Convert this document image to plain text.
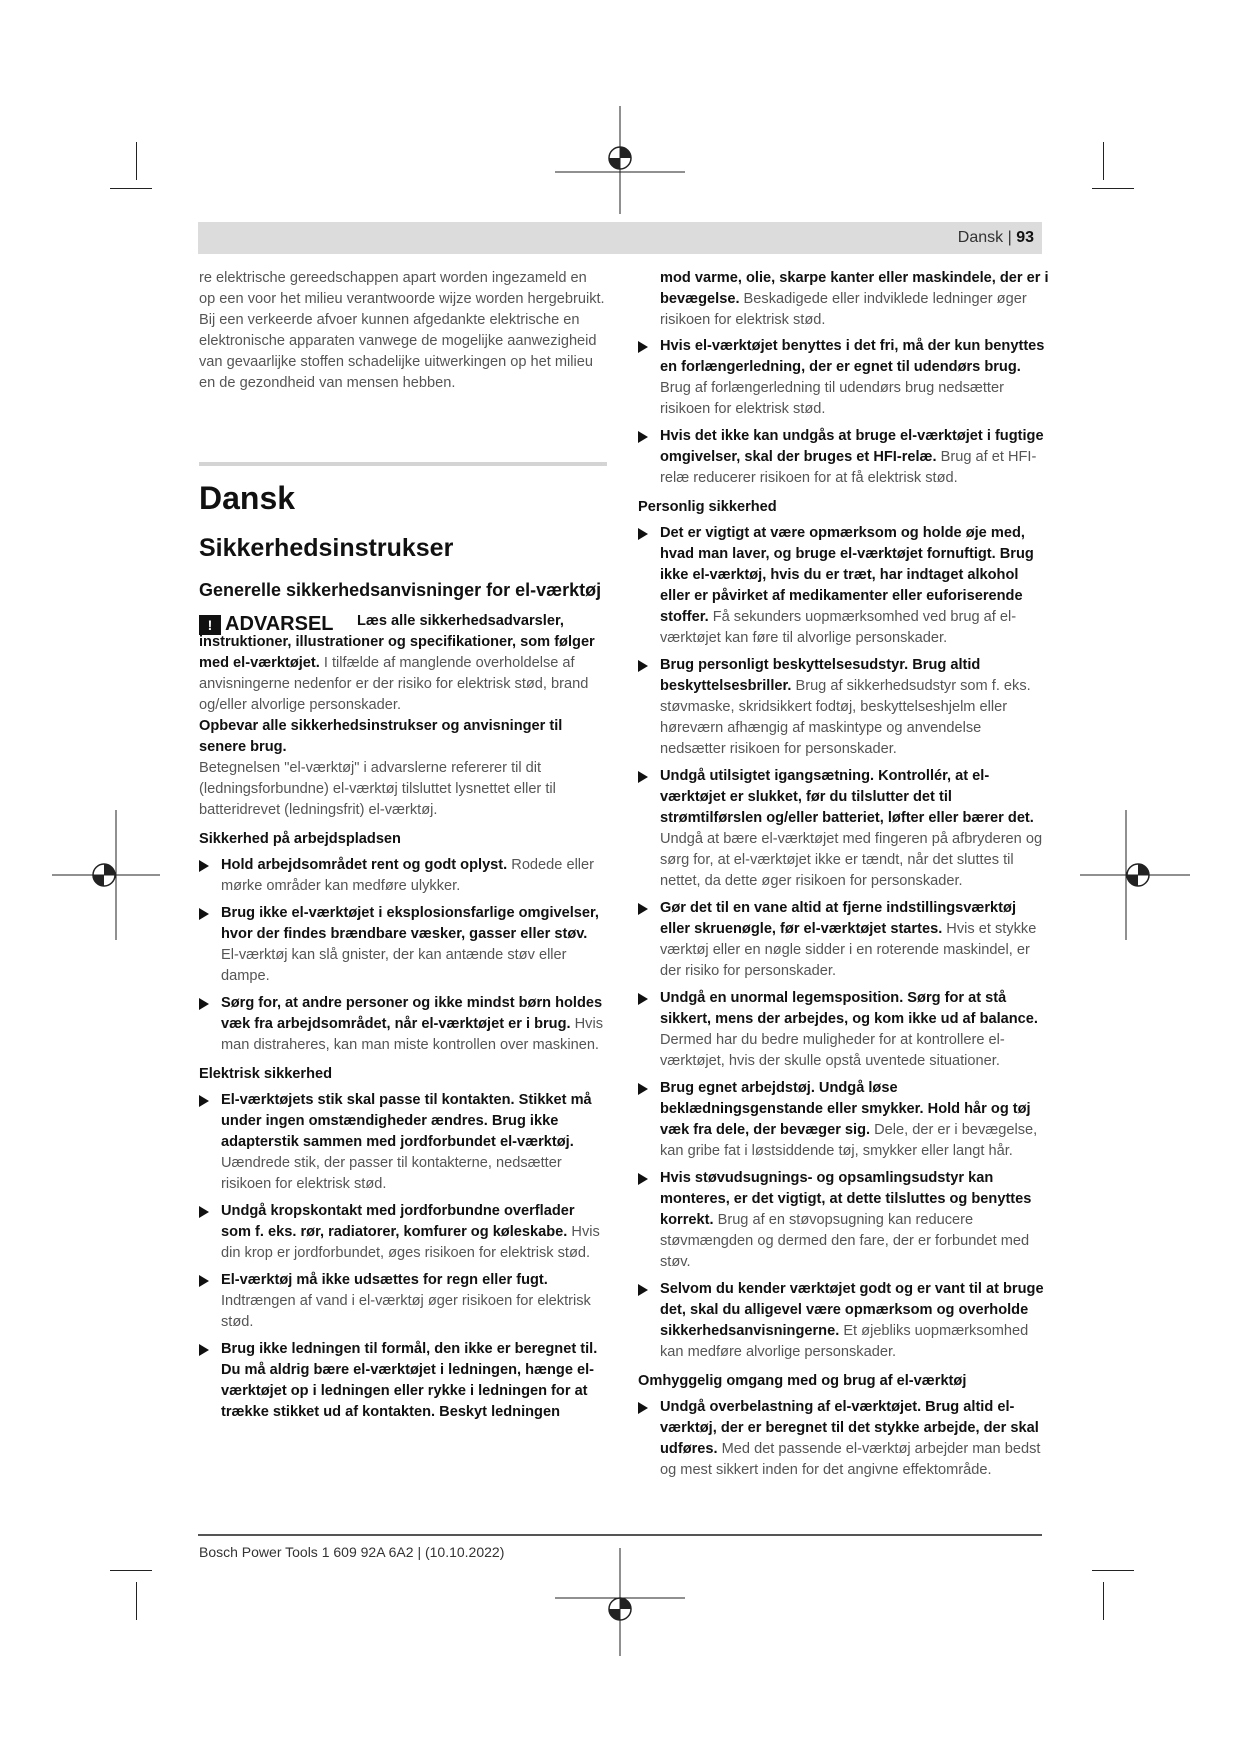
Dansk | 93

re elektrische gereedschappen apart worden ingezameld en op een voor het milieu verantwoorde wijze worden hergebruikt.

Bij een verkeerde afvoer kunnen afgedankte elektrische en elektronische apparaten vanwege de mogelijke aanwezigheid van gevaarlijke stoffen schadelijke uitwerkingen op het milieu en de gezondheid van mensen hebben.

Dansk
Sikkerhedsinstrukser
Generelle sikkerhedsanvisninger for el-værktøj
! ADVARSEL	Læs alle sikkerhedsadvarsler, instruktioner, illustrationer og specifikationer, som følger med el-værktøjet. I tilfælde af manglende overholdelse af anvisningerne nedenfor er der risiko for elektrisk stød, brand og/eller alvorlige personskader.

Opbevar alle sikkerhedsinstrukser og anvisninger til senere brug.

Betegnelsen "el-værktøj" i advarslerne refererer til dit (ledningsforbundne) el-værktøj tilsluttet lysnettet eller til batteridrevet (ledningsfrit) el-værktøj.

Sikkerhed på arbejdspladsen
Hold arbejdsområdet rent og godt oplyst. Rodede eller mørke områder kan medføre ulykker.
Brug ikke el-værktøjet i eksplosionsfarlige omgivelser, hvor der findes brændbare væsker, gasser eller støv. El-værktøj kan slå gnister, der kan antænde støv eller dampe.
Sørg for, at andre personer og ikke mindst børn holdes væk fra arbejdsområdet, når el-værktøjet er i brug. Hvis man distraheres, kan man miste kontrollen over maskinen.
Elektrisk sikkerhed
El-værktøjets stik skal passe til kontakten. Stikket må under ingen omstændigheder ændres. Brug ikke adapterstik sammen med jordforbundet el-værktøj. Uændrede stik, der passer til kontakterne, nedsætter risikoen for elektrisk stød.
Undgå kropskontakt med jordforbundne overflader som f. eks. rør, radiatorer, komfurer og køleskabe. Hvis din krop er jordforbundet, øges risikoen for elektrisk stød.
El-værktøj må ikke udsættes for regn eller fugt. Indtrængen af vand i el-værktøj øger risikoen for elektrisk stød.
Brug ikke ledningen til formål, den ikke er beregnet til. Du må aldrig bære el-værktøjet i ledningen, hænge el-værktøjet op i ledningen eller rykke i ledningen for at trække stikket ud af kontakten. Beskyt ledningen

mod varme, olie, skarpe kanter eller maskindele, der er i bevægelse. Beskadigede eller indviklede ledninger øger risikoen for elektrisk stød.

Hvis el-værktøjet benyttes i det fri, må der kun benyttes en forlængerledning, der er egnet til udendørs brug. Brug af forlængerledning til udendørs brug nedsætter risikoen for elektrisk stød.
Hvis det ikke kan undgås at bruge el-værktøjet i fugtige omgivelser, skal der bruges et HFI-relæ. Brug af et HFI-relæ reducerer risikoen for at få elektrisk stød.
Personlig sikkerhed
Det er vigtigt at være opmærksom og holde øje med, hvad man laver, og bruge el-værktøjet fornuftigt. Brug ikke el-værktøj, hvis du er træt, har indtaget alkohol eller er påvirket af medikamenter eller euforiserende stoffer. Få sekunders uopmærksomhed ved brug af el-værktøjet kan føre til alvorlige personskader.
Brug personligt beskyttelsesudstyr. Brug altid beskyttelsesbriller. Brug af sikkerhedsudstyr som f. eks. støvmaske, skridsikkert fodtøj, beskyttelseshjelm eller høreværn afhængig af maskintype og anvendelse nedsætter risikoen for personskader.
Undgå utilsigtet igangsætning. Kontrollér, at el-værktøjet er slukket, før du tilslutter det til strømtilførslen og/eller batteriet, løfter eller bærer det. Undgå at bære el-værktøjet med fingeren på afbryderen og sørg for, at el-værktøjet ikke er tændt, når det sluttes til nettet, da dette øger risikoen for personskader.
Gør det til en vane altid at fjerne indstillingsværktøj eller skruenøgle, før el-værktøjet startes. Hvis et stykke værktøj eller en nøgle sidder i en roterende maskindel, er der risiko for personskader.
Undgå en unormal legemsposition. Sørg for at stå sikkert, mens der arbejdes, og kom ikke ud af balance. Dermed har du bedre muligheder for at kontrollere el-værktøjet, hvis der skulle opstå uventede situationer.
Brug egnet arbejdstøj. Undgå løse beklædningsgenstande eller smykker. Hold hår og tøj væk fra dele, der bevæger sig. Dele, der er i bevægelse, kan gribe fat i løstsiddende tøj, smykker eller langt hår.
Hvis støvudsugnings- og opsamlingsudstyr kan monteres, er det vigtigt, at dette tilsluttes og benyttes korrekt. Brug af en støvopsugning kan reducere støvmængden og dermed den fare, der er forbundet med støv.
Selvom du kender værktøjet godt og er vant til at bruge det, skal du alligevel være opmærksom og overholde sikkerhedsanvisningerne. Et øjebliks uopmærksomhed kan medføre alvorlige personskader.
Omhyggelig omgang med og brug af el-værktøj
Undgå overbelastning af el-værktøjet. Brug altid el-værktøj, der er beregnet til det stykke arbejde, der skal udføres. Med det passende el-værktøj arbejder man bedst og mest sikkert inden for det angivne effektområde.
Bosch Power Tools 1 609 92A 6A2 | (10.10.2022)
